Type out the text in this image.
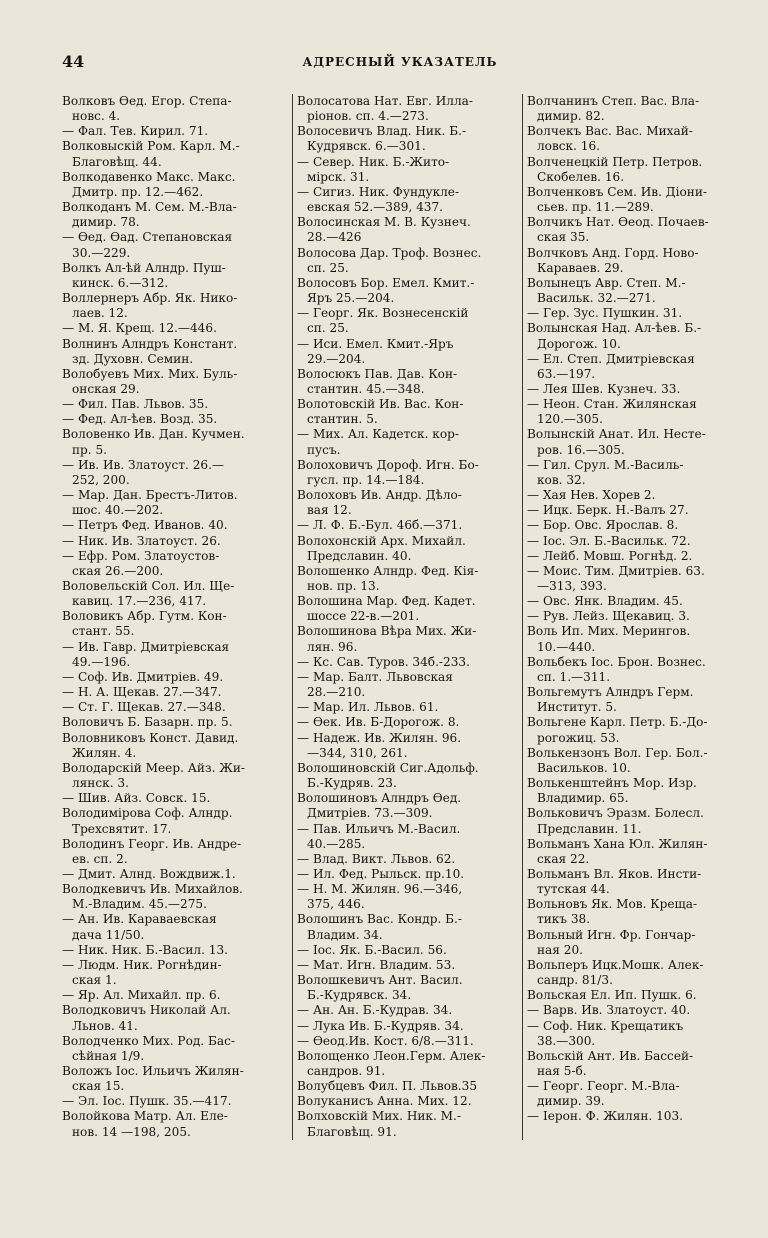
44	АДРЕСНЫЙ УКАЗАТЕЛЬ
Волковъ Өед. Егор. Степа-
новс. 4.
— Фал. Тев. Кирил. 71.
Волковыскій Ром. Карл. М.-
Благовѣщ. 44.
Волкодавенко Макс. Макс.
Дмитр. пр. 12.—462.
Волкоданъ М. Сем. М.-Вла-
димир. 78.
— Өед. Өад. Степановская
30.—229.
Волкъ Ал-ѣй Алндр. Пуш-
кинск. 6.—312.
Воллернеръ Абр. Як. Нико-
лаев. 12.
— М. Я. Крещ. 12.—446.
Волнинъ Алндръ Констант.
зд. Духовн. Семин.
Волобуевъ Мих. Мих. Буль-
онская 29.
— Фил. Пав. Львов. 35.
— Фед. Ал-ѣев. Возд. 35.
Воловенко Ив. Дан. Кучмен.
пр. 5.
— Ив. Ив. Златоуст. 26.—
252, 200.
— Мар. Дан. Брестъ-Литов.
шос. 40.—202.
— Петръ Фед. Иванов. 40.
— Ник. Ив. Златоуст. 26.
— Ефр. Ром. Златоустов-
ская 26.—200.
Воловельскій Сол. Ил. Ще-
кавиц. 17.—236, 417.
Воловикъ Абр. Гутм. Кон-
стант. 55.
— Ив. Гавр. Дмитріевская
49.—196.
— Соф. Ив. Дмитріев. 49.
— Н. А. Щекав. 27.—347.
— Ст. Г. Щекав. 27.—348.
Воловичъ Б. Базарн. пр. 5.
Воловниковъ Конст. Давид.
Жилян. 4.
Володарскій Меер. Айз. Жи-
лянск. 3.
— Шив. Айз. Совск. 15.
Володимірова Соф. Алндр.
Трехсвятит. 17.
Володинъ Георг. Ив. Андре-
ев. сп. 2.
— Дмит. Алнд. Вождвиж.1.
Володкевичъ Ив. Михайлов.
М.-Владим. 45.—275.
— Ан. Ив. Караваевская
дача 11/50.
— Ник. Ник. Б.-Васил. 13.
— Людм. Ник. Рогнѣдин-
ская 1.
— Яр. Ал. Михайл. пр. 6.
Володковичъ Николай Ал.
Льнов. 41.
Володченко Мих. Род. Бас-
сѣйная 1/9.
Воложъ Іос. Ильичъ Жилян-
ская 15.
— Эл. Іос. Пушк. 35.—417.
Волойкова Матр. Ал. Еле-
нов. 14 —198, 205.
Волосатова Нат. Евг. Илла-
ріонов. сп. 4.—273.
Волосевичъ Влад. Ник. Б.-
Кудрявск. 6.—301.
— Север. Ник. Б.-Жито-
мірск. 31.
— Сигиз. Ник. Фундукле-
евская 52.—389, 437.
Волосинская М. В. Кузнеч.
28.—426
Волосова Дар. Троф. Вознес.
сп. 25.
Волосовъ Бор. Емел. Кмит.-
Яръ 25.—204.
— Георг. Як. Вознесенскій
сп. 25.
— Иси. Емел. Кмит.-Яръ
29.—204.
Волосюкъ Пав. Дав. Кон-
стантин. 45.—348.
Волотовскій Ив. Вас. Кон-
стантин. 5.
— Мих. Ал. Кадетск. кор-
пусъ.
Волоховичъ Дороф. Игн. Бо-
гусл. пр. 14.—184.
Волоховъ Ив. Андр. Дѣло-
вая 12.
— Л. Ф. Б.-Бул. 46б.—371.
Волохонскій Арх. Михайл.
Предславин. 40.
Волошенко Алндр. Фед. Кія-
нов. пр. 13.
Волошина Мар. Фед. Кадет.
шоссе 22-в.—201.
Волошинова Вѣра Мих. Жи-
лян. 96.
— Кс. Сав. Туров. 34б.-233.
— Мар. Балт. Львовская
28.—210.
— Мар. Ил. Львов. 61.
— Өек. Ив. Б-Дорогож. 8.
— Надеж. Ив. Жилян. 96.
—344, 310, 261.
Волошиновскій Сиг.Адольф.
Б.-Кудряв. 23.
Волошиновъ Алндръ Өед.
Дмитріев. 73.—309.
— Пав. Ильичъ М.-Васил.
40.—285.
— Влад. Викт. Львов. 62.
— Ил. Фед. Рыльск. пр.10.
— Н. М. Жилян. 96.—346,
375, 446.
Волошинъ Вас. Кондр. Б.-
Владим. 34.
— Іос. Як. Б.-Васил. 56.
— Мат. Игн. Владим. 53.
Волошкевичъ Ант. Васил.
Б.-Кудрявск. 34.
— Ан. Ан. Б.-Кудрав. 34.
— Лука Ив. Б.-Кудряв. 34.
— Өеод.Ив. Кост. 6/8.—311.
Волощенко Леон.Герм. Алек-
сандров. 91.
Волубцевъ Фил. П. Львов.35
Волуканисъ Анна. Мих. 12.
Волховскій Мих. Ник. М.-
Благовѣщ. 91.
Волчанинъ Степ. Вас. Вла-
димир. 82.
Волчекъ Вас. Вас. Михай-
ловск. 16.
Волченецкій Петр. Петров.
Скобелев. 16.
Волченковъ Сем. Ив. Діони-
сьев. пр. 11.—289.
Волчикъ Нат. Өеод. Почаев-
ская 35.
Волчковъ Анд. Горд. Ново-
Караваев. 29.
Волынецъ Авр. Степ. М.-
Васильк. 32.—271.
— Гер. Зус. Пушкин. 31.
Волынская Над. Ал-ѣев. Б.-
Дорогож. 10.
— Ел. Степ. Дмитріевская
63.—197.
— Лея Шев. Кузнеч. 33.
— Неон. Стан. Жилянская
120.—305.
Волынскій Анат. Ил. Несте-
ров. 16.—305.
— Гил. Срул. М.-Василь-
ков. 32.
— Хая Нев. Хорев 2.
— Ицк. Берк. Н.-Валъ 27.
— Бор. Овс. Ярослав. 8.
— Іос. Эл. Б.-Васильк. 72.
— Лейб. Мовш. Рогнѣд. 2.
— Моис. Тим. Дмитріев. 63.
—313, 393.
— Овс. Янк. Владим. 45.
— Рув. Лейз. Щекавиц. 3.
Воль Ип. Мих. Мерингов.
10.—440.
Вольбекъ Іос. Брон. Вознес.
сп. 1.—311.
Вольгемутъ Алндръ Герм.
Институт. 5.
Вольгене Карл. Петр. Б.-До-
рогожиц. 53.
Волькензонъ Вол. Гер. Бол.-
Васильков. 10.
Волькенштейнъ Мор. Изр.
Владимир. 65.
Вольковичъ Эразм. Болесл.
Предславин. 11.
Вольманъ Хана Юл. Жилян-
ская 22.
Вольманъ Вл. Яков. Инсти-
тутская 44.
Вольновъ Як. Мов. Креща-
тикъ 38.
Вольный Игн. Фр. Гончар-
ная 20.
Вольперъ Ицк.Мошк. Алек-
сандр. 81/3.
Вольская Ел. Ип. Пушк. 6.
— Варв. Ив. Златоуст. 40.
— Соф. Ник. Крещатикъ
38.—300.
Вольскій Ант. Ив. Бассей-
ная 5-б.
— Георг. Георг. М.-Вла-
димир. 39.
— Іерон. Ф. Жилян. 103.
